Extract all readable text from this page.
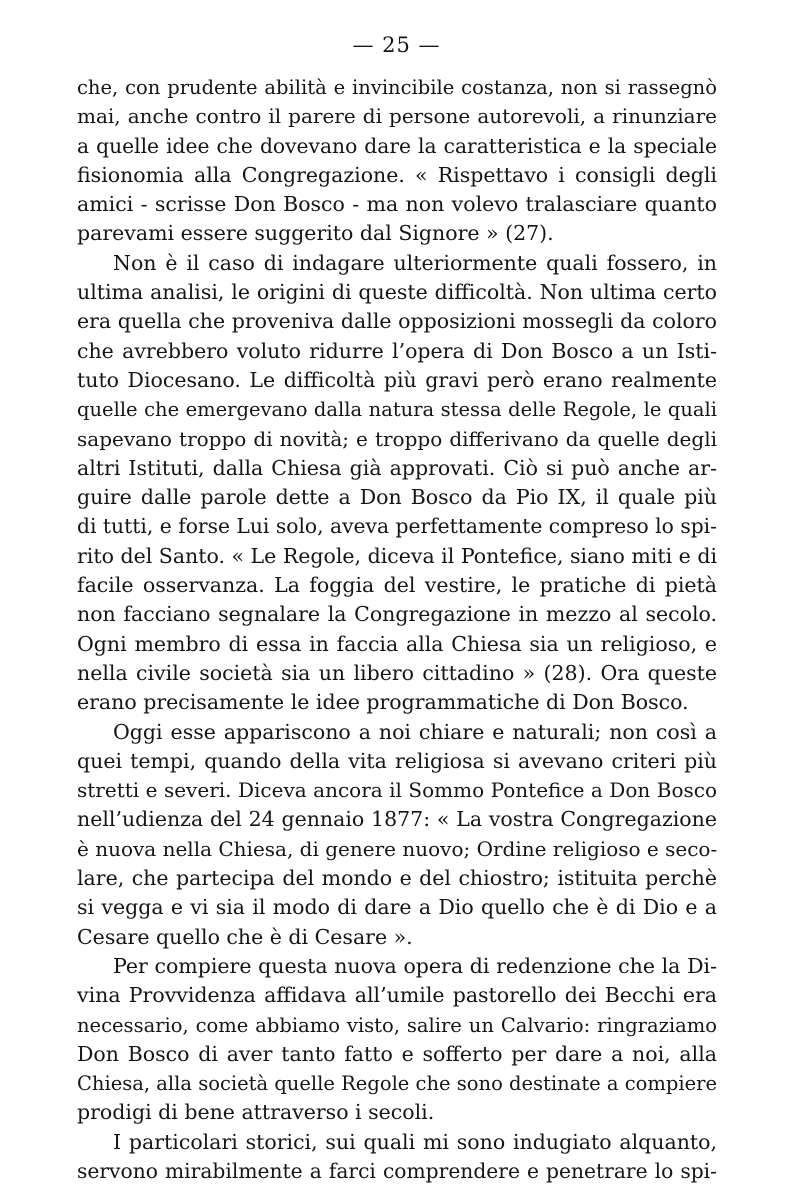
— 25 —
che, con prudente abilità e invincibile costanza, non si rassegnò
mai, anche contro il parere di persone autorevoli, a rinunziare
a quelle idee che dovevano dare la caratteristica e la speciale
fisionomia alla Congregazione. « Rispettavo i consigli degli
amici - scrisse Don Bosco - ma non volevo tralasciare quanto
parevami essere suggerito dal Signore » (27).
Non è il caso di indagare ulteriormente quali fossero, in
ultima analisi, le origini di queste difficoltà. Non ultima certo
era quella che proveniva dalle opposizioni mossegli da coloro
che avrebbero voluto ridurre l’opera di Don Bosco a un Isti-
tuto Diocesano. Le difficoltà più gravi però erano realmente
quelle che emergevano dalla natura stessa delle Regole, le quali
sapevano troppo di novità; e troppo differivano da quelle degli
altri Istituti, dalla Chiesa già approvati. Ciò si può anche ar-
guire dalle parole dette a Don Bosco da Pio IX, il quale più
di tutti, e forse Lui solo, aveva perfettamente compreso lo spi-
rito del Santo. « Le Regole, diceva il Pontefice, siano miti e di
facile osservanza. La foggia del vestire, le pratiche di pietà
non facciano segnalare la Congregazione in mezzo al secolo.
Ogni membro di essa in faccia alla Chiesa sia un religioso, e
nella civile società sia un libero cittadino » (28). Ora queste
erano precisamente le idee programmatiche di Don Bosco.
Oggi esse appariscono a noi chiare e naturali; non così a
quei tempi, quando della vita religiosa si avevano criteri più
stretti e severi. Diceva ancora il Sommo Pontefice a Don Bosco
nell’udienza del 24 gennaio 1877: « La vostra Congregazione
è nuova nella Chiesa, di genere nuovo; Ordine religioso e seco-
lare, che partecipa del mondo e del chiostro; istituita perchè
si vegga e vi sia il modo di dare a Dio quello che è di Dio e a
Cesare quello che è di Cesare ».
Per compiere questa nuova opera di redenzione che la Di-
vina Provvidenza affidava all’umile pastorello dei Becchi era
necessario, come abbiamo visto, salire un Calvario: ringraziamo
Don Bosco di aver tanto fatto e sofferto per dare a noi, alla
Chiesa, alla società quelle Regole che sono destinate a compiere
prodigi di bene attraverso i secoli.
I particolari storici, sui quali mi sono indugiato alquanto,
servono mirabilmente a farci comprendere e penetrare lo spi-
